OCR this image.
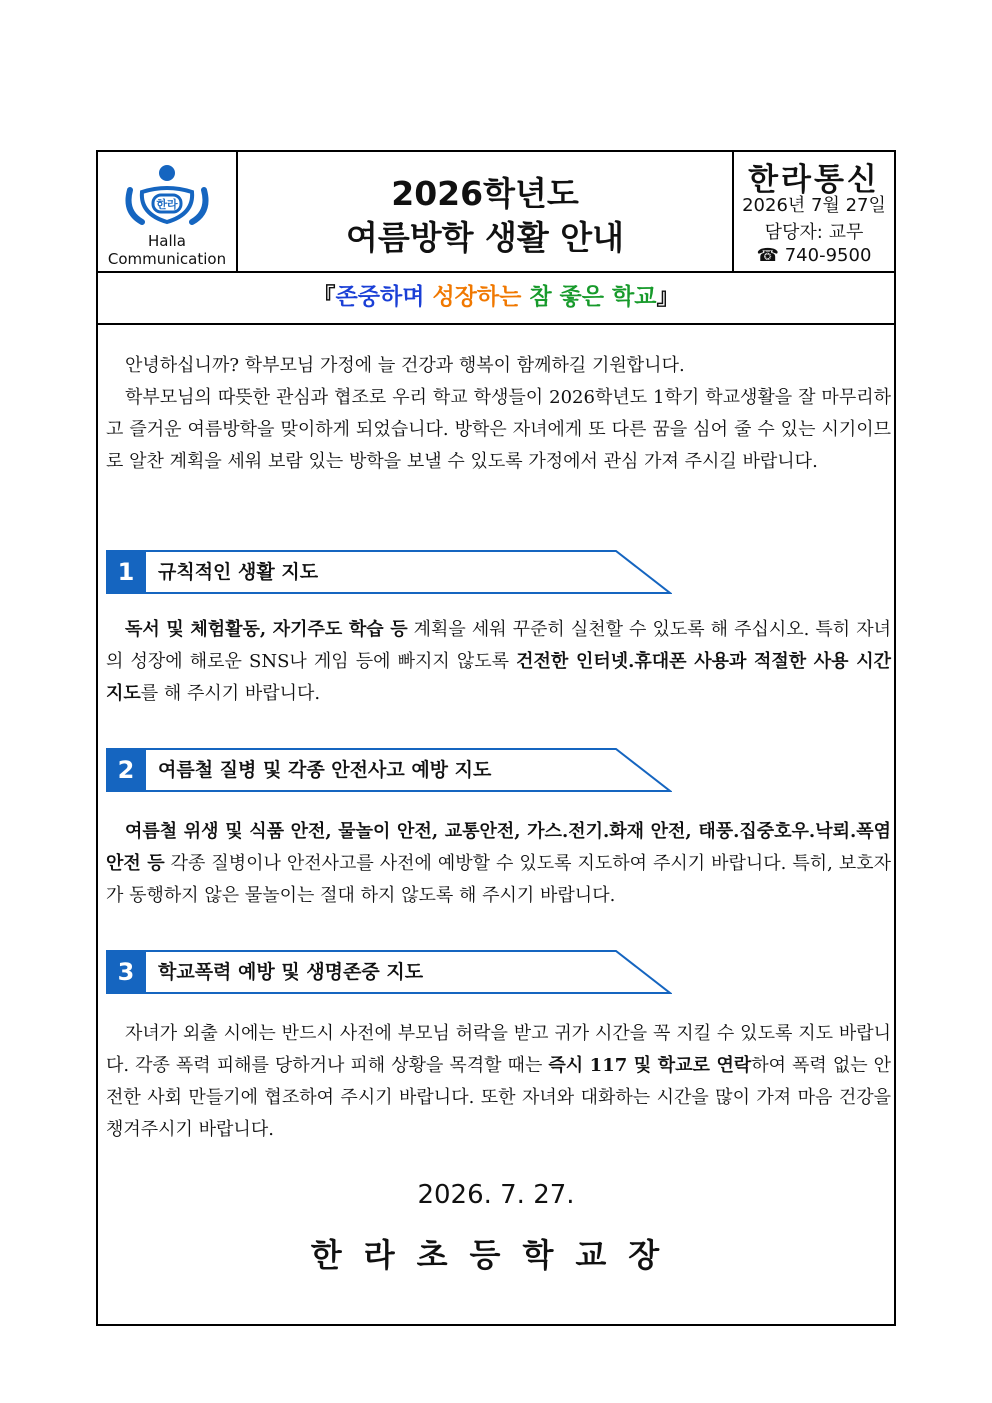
한라
Halla
Communication
2026학년도
여름방학 생활 안내
한라통신
2026년 7월 27일
담당자: 교무
☎ 740-9500
『존중하며 성장하는 참 좋은 학교』
안녕하십니까? 학부모님 가정에 늘 건강과 행복이 함께하길 기원합니다.
학부모님의 따뜻한 관심과 협조로 우리 학교 학생들이 2026학년도 1학기 학교생활을 잘 마무리하고 즐거운 여름방학을 맞이하게 되었습니다. 방학은 자녀에게 또 다른 꿈을 심어 줄 수 있는 시기이므로 알찬 계획을 세워 보람 있는 방학을 보낼 수 있도록 가정에서 관심 가져 주시길 바랍니다.
1	규칙적인 생활 지도
독서 및 체험활동, 자기주도 학습 등 계획을 세워 꾸준히 실천할 수 있도록 해 주십시오. 특히 자녀의 성장에 해로운 SNS나 게임 등에 빠지지 않도록 건전한 인터넷.휴대폰 사용과 적절한 사용 시간 지도를 해 주시기 바랍니다.
2	여름철 질병 및 각종 안전사고 예방 지도
여름철 위생 및 식품 안전, 물놀이 안전, 교통안전, 가스.전기.화재 안전, 태풍.집중호우.낙뢰.폭염 안전 등 각종 질병이나 안전사고를 사전에 예방할 수 있도록 지도하여 주시기 바랍니다. 특히, 보호자가 동행하지 않은 물놀이는 절대 하지 않도록 해 주시기 바랍니다.
3	학교폭력 예방 및 생명존중 지도
자녀가 외출 시에는 반드시 사전에 부모님 허락을 받고 귀가 시간을 꼭 지킬 수 있도록 지도 바랍니다. 각종 폭력 피해를 당하거나 피해 상황을 목격할 때는 즉시 117 및 학교로 연락하여 폭력 없는 안전한 사회 만들기에 협조하여 주시기 바랍니다. 또한 자녀와 대화하는 시간을 많이 가져 마음 건강을 챙겨주시기 바랍니다.
2026. 7. 27.
한라초등학교장
